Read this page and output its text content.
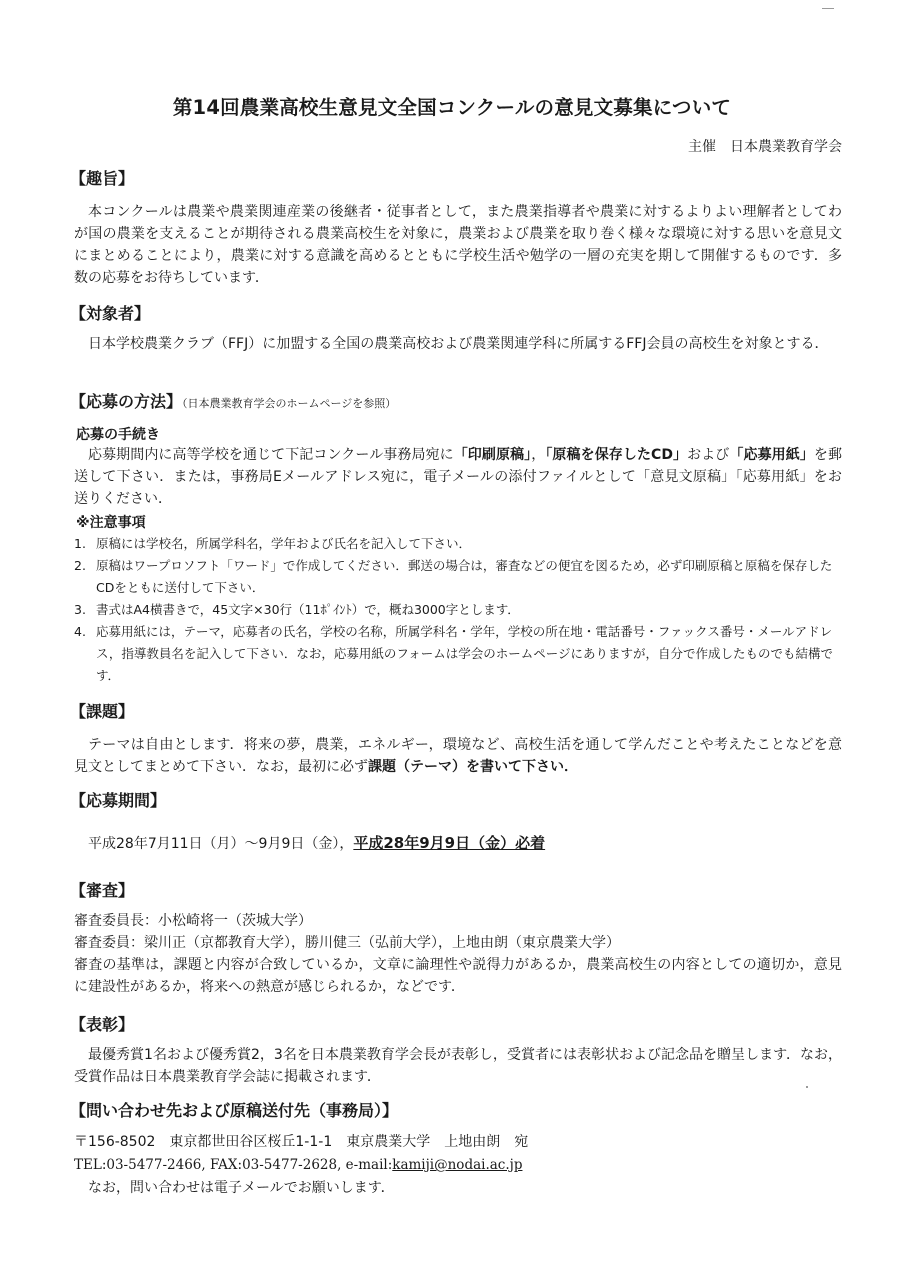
第14回農業高校生意見文全国コンクールの意見文募集について
主催　日本農業教育学会
【趣旨】
本コンクールは農業や農業関連産業の後継者・従事者として，また農業指導者や農業に対するよりよい理解者としてわが国の農業を支えることが期待される農業高校生を対象に，農業および農業を取り巻く様々な環境に対する思いを意見文にまとめることにより，農業に対する意識を高めるとともに学校生活や勉学の一層の充実を期して開催するものです．多数の応募をお待ちしています．
【対象者】
日本学校農業クラブ（FFJ）に加盟する全国の農業高校および農業関連学科に所属するFFJ会員の高校生を対象とする．
【応募の方法】（日本農業教育学会のホームページを参照）
応募の手続き
応募期間内に高等学校を通じて下記コンクール事務局宛に「印刷原稿」，「原稿を保存したCD」および「応募用紙」を郵送して下さい．または，事務局Eメールアドレス宛に，電子メールの添付ファイルとして「意見文原稿」「応募用紙」をお送りください．
※注意事項
1. 原稿には学校名，所属学科名，学年および氏名を記入して下さい．
2. 原稿はワープロソフト「ワード」で作成してください．郵送の場合は，審査などの便宜を図るため，必ず印刷原稿と原稿を保存したCDをともに送付して下さい．
3. 書式はA4横書きで，45文字×30行（11ﾎﾟｲﾝﾄ）で，概ね3000字とします．
4. 応募用紙には，テーマ，応募者の氏名，学校の名称，所属学科名・学年，学校の所在地・電話番号・ファックス番号・メールアドレス，指導教員名を記入して下さい．なお，応募用紙のフォームは学会のホームページにありますが，自分で作成したものでも結構です．
【課題】
テーマは自由とします．将来の夢，農業，エネルギー，環境など、高校生活を通して学んだことや考えたことなどを意見文としてまとめて下さい．なお，最初に必ず課題（テーマ）を書いて下さい．
【応募期間】
平成28年7月11日（月）～9月9日（金），平成28年9月9日（金）必着
【審査】
審査委員長：小松崎将一（茨城大学）
審査委員：梁川正（京都教育大学），勝川健三（弘前大学），上地由朗（東京農業大学）
審査の基準は，課題と内容が合致しているか，文章に論理性や説得力があるか，農業高校生の内容としての適切か，意見に建設性があるか，将来への熱意が感じられるか，などです．
【表彰】
最優秀賞1名および優秀賞2，3名を日本農業教育学会長が表彰し，受賞者には表彰状および記念品を贈呈します．なお，受賞作品は日本農業教育学会誌に掲載されます．
【問い合わせ先および原稿送付先（事務局）】
〒156-8502　東京都世田谷区桜丘1-1-1　東京農業大学　上地由朗　宛
TEL:03-5477-2466, FAX:03-5477-2628, e-mail:kamiji@nodai.ac.jp
なお，問い合わせは電子メールでお願いします．
